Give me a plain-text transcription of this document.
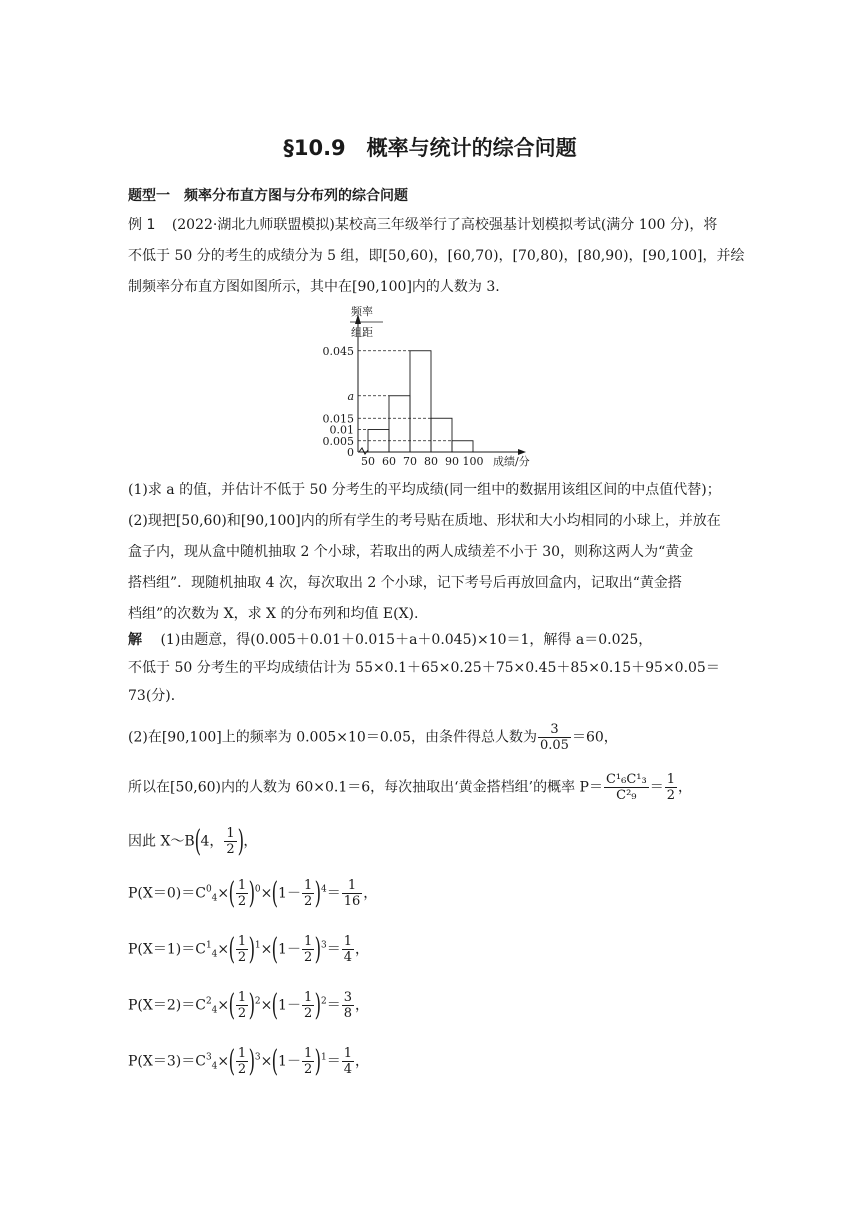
§10.9　概率与统计的综合问题
题型一　频率分布直方图与分布列的综合问题
例 1 (2022·湖北九师联盟模拟)某校高三年级举行了高校强基计划模拟考试(满分 100 分)，将
不低于 50 分的考生的成绩分为 5 组，即[50,60)，[60,70)，[70,80)，[80,90)，[90,100]，并绘
制频率分布直方图如图所示，其中在[90,100]内的人数为 3.
频率
组距
0.045
a
0.015
0.01
0.005
0
50 60 70 80 90 100 成绩/分
(1)求 a 的值，并估计不低于 50 分考生的平均成绩(同一组中的数据用该组区间的中点值代替)；
(2)现把[50,60)和[90,100]内的所有学生的考号贴在质地、形状和大小均相同的小球上，并放在
盒子内，现从盒中随机抽取 2 个小球，若取出的两人成绩差不小于 30，则称这两人为“黄金
搭档组”．现随机抽取 4 次，每次取出 2 个小球，记下考号后再放回盒内，记取出“黄金搭
档组”的次数为 X，求 X 的分布列和均值 E(X).
解 (1)由题意，得(0.005＋0.01＋0.015＋a＋0.045)×10＝1，解得 a＝0.025，
不低于 50 分考生的平均成绩估计为 55×0.1＋65×0.25＋75×0.45＋85×0.15＋95×0.05＝
73(分)．
(2)在[90,100]上的频率为 0.005×10＝0.05，由条件得总人数为 $\frac{3}{0.05} =60$，
所以在[50,60)内的人数为 60×0.1＝6，每次抽取出‘黄金搭档组’的概率 $P= \frac{\text{C¹₆C¹₃}}{\text{C²₉}} = \frac{1}{2}$ ，
因此 X～B(4， $\frac{1}{2}$ )，
$P(X=0)=C^0_4\times( \frac{1}{2} )^0\times(1- \frac{1}{2} )^4= \frac{1}{16}$ ，
$P(X=1)=C^1_4\times( \frac{1}{2} )^1\times(1- \frac{1}{2} )^3= \frac{1}{4}$ ，
$P(X=2)=C^2_4\times( \frac{1}{2} )^2\times(1- \frac{1}{2} )^2= \frac{3}{8}$ ，
$P(X=3)=C^3_4\times( \frac{1}{2} )^3\times(1- \frac{1}{2} )^1= \frac{1}{4}$ ，
